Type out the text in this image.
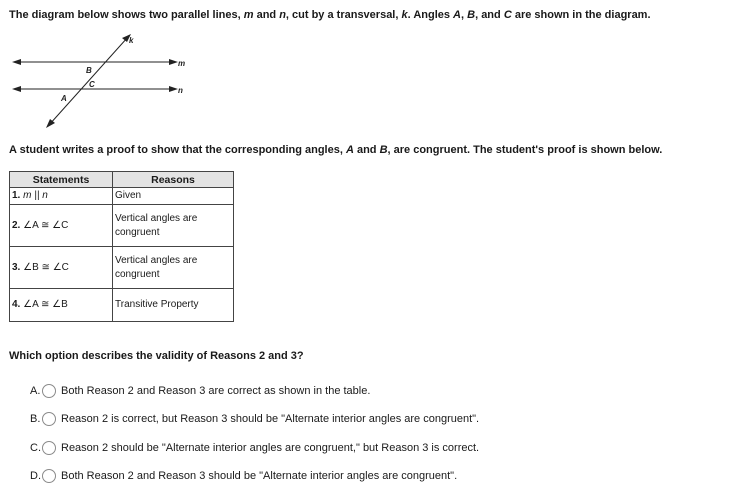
The diagram below shows two parallel lines, m and n, cut by a transversal, k. Angles A, B, and C are shown in the diagram.
k
m
n
B
C
A
A student writes a proof to show that the corresponding angles, A and B, are congruent. The student's proof is shown below.
Statements	Reasons
1. m || n	Given
2. ∠A ≅ ∠C	Vertical angles are congruent
3. ∠B ≅ ∠C	Vertical angles are congruent
4. ∠A ≅ ∠B	Transitive Property
Which option describes the validity of Reasons 2 and 3?
A. Both Reason 2 and Reason 3 are correct as shown in the table.
B. Reason 2 is correct, but Reason 3 should be "Alternate interior angles are congruent".
C. Reason 2 should be "Alternate interior angles are congruent," but Reason 3 is correct.
D. Both Reason 2 and Reason 3 should be "Alternate interior angles are congruent".
